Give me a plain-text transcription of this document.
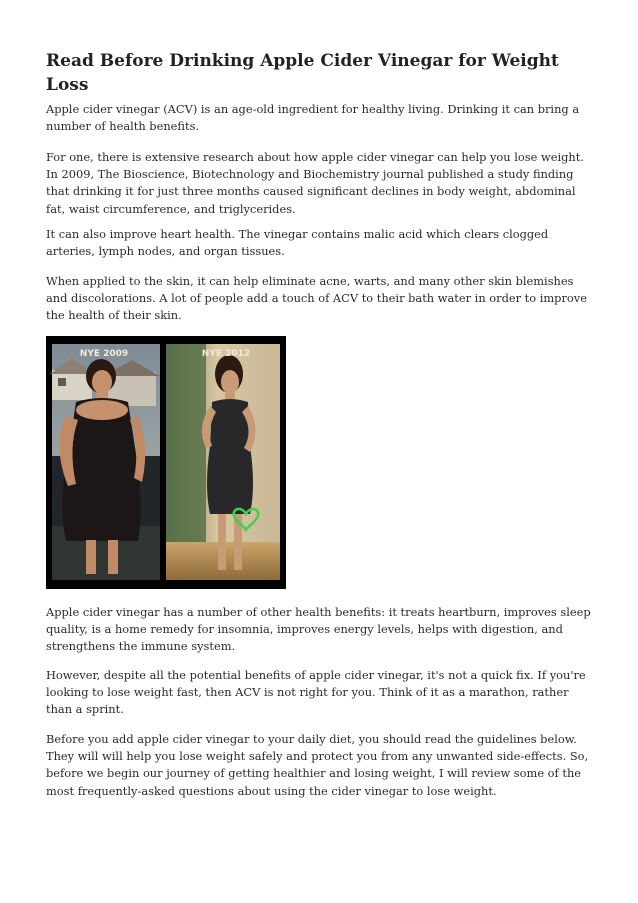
Read Before Drinking Apple Cider Vinegar for Weight Loss

Apple cider vinegar (ACV) is an age-old ingredient for healthy living. Drinking it can bring a number of health benefits.

For one, there is extensive research about how apple cider vinegar can help you lose weight. In 2009, The Bioscience, Biotechnology and Biochemistry journal published a study finding that drinking it for just three months caused significant declines in body weight, abdominal fat, waist circumference, and triglycerides.

It can also improve heart health. The vinegar contains malic acid which clears clogged arteries, lymph nodes, and organ tissues.

When applied to the skin, it can help eliminate acne, warts, and many other skin blemishes and discolorations. A lot of people add a touch of ACV to their bath water in order to improve the health of their skin.

NYE 2009	NYE 2012

Apple cider vinegar has a number of other health benefits: it treats heartburn, improves sleep quality, is a home remedy for insomnia, improves energy levels, helps with digestion, and strengthens the immune system.

However, despite all the potential benefits of apple cider vinegar, it's not a quick fix. If you're looking to lose weight fast, then ACV is not right for you. Think of it as a marathon, rather than a sprint.

Before you add apple cider vinegar to your daily diet, you should read the guidelines below. They will will help you lose weight safely and protect you from any unwanted side-effects. So, before we begin our journey of getting healthier and losing weight, I will review some of the most frequently-asked questions about using the cider vinegar to lose weight.
